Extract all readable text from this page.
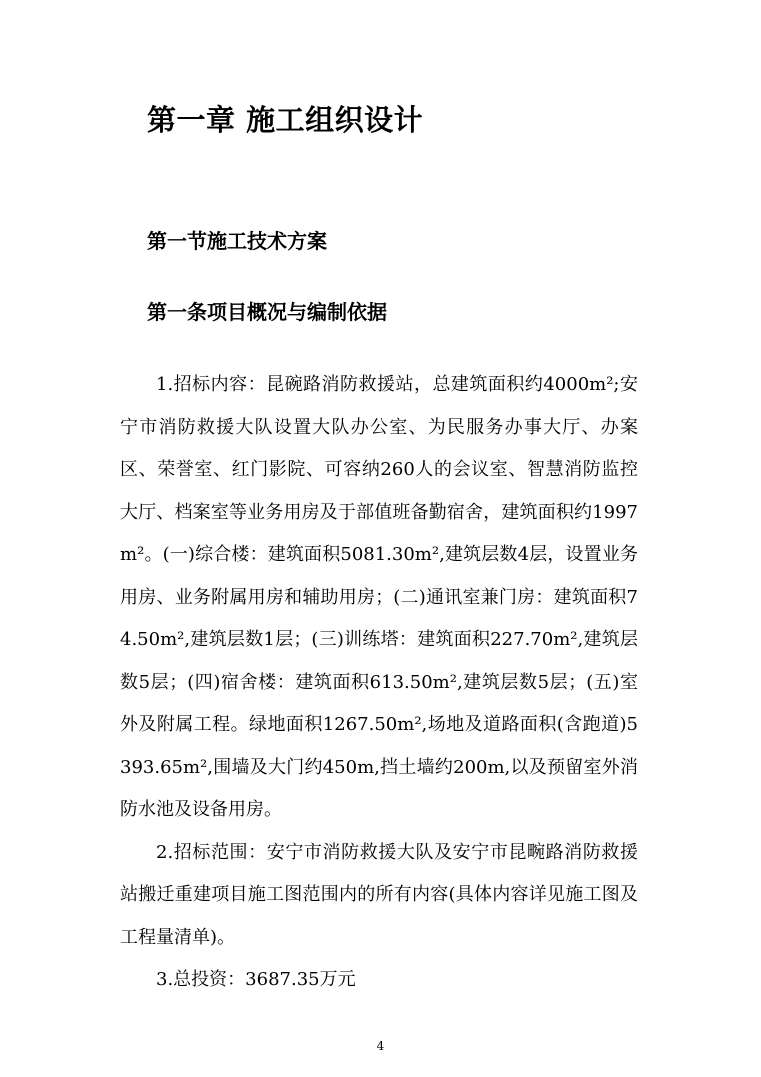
第一章 施工组织设计
第一节施工技术方案
第一条项目概况与编制依据

1.招标内容：昆碗路消防救援站，总建筑面积约4000m²;安宁市消防救援大队设置大队办公室、为民服务办事大厅、办案区、荣誉室、红门影院、可容纳260人的会议室、智慧消防监控大厅、档案室等业务用房及于部值班备勤宿舍，建筑面积约1997m²。(一)综合楼：建筑面积5081.30m²,建筑层数4层，设置业务用房、业务附属用房和辅助用房；(二)通讯室兼门房：建筑面积74.50m²,建筑层数1层；(三)训练塔：建筑面积227.70m²,建筑层数5层；(四)宿舍楼：建筑面积613.50m²,建筑层数5层；(五)室外及附属工程。绿地面积1267.50m²,场地及道路面积(含跑道)5393.65m²,围墙及大门约450m,挡土墙约200m,以及预留室外消防水池及设备用房。

2.招标范围：安宁市消防救援大队及安宁市昆畹路消防救援站搬迁重建项目施工图范围内的所有内容(具体内容详见施工图及工程量清单)。

3.总投资：3687.35万元

4
